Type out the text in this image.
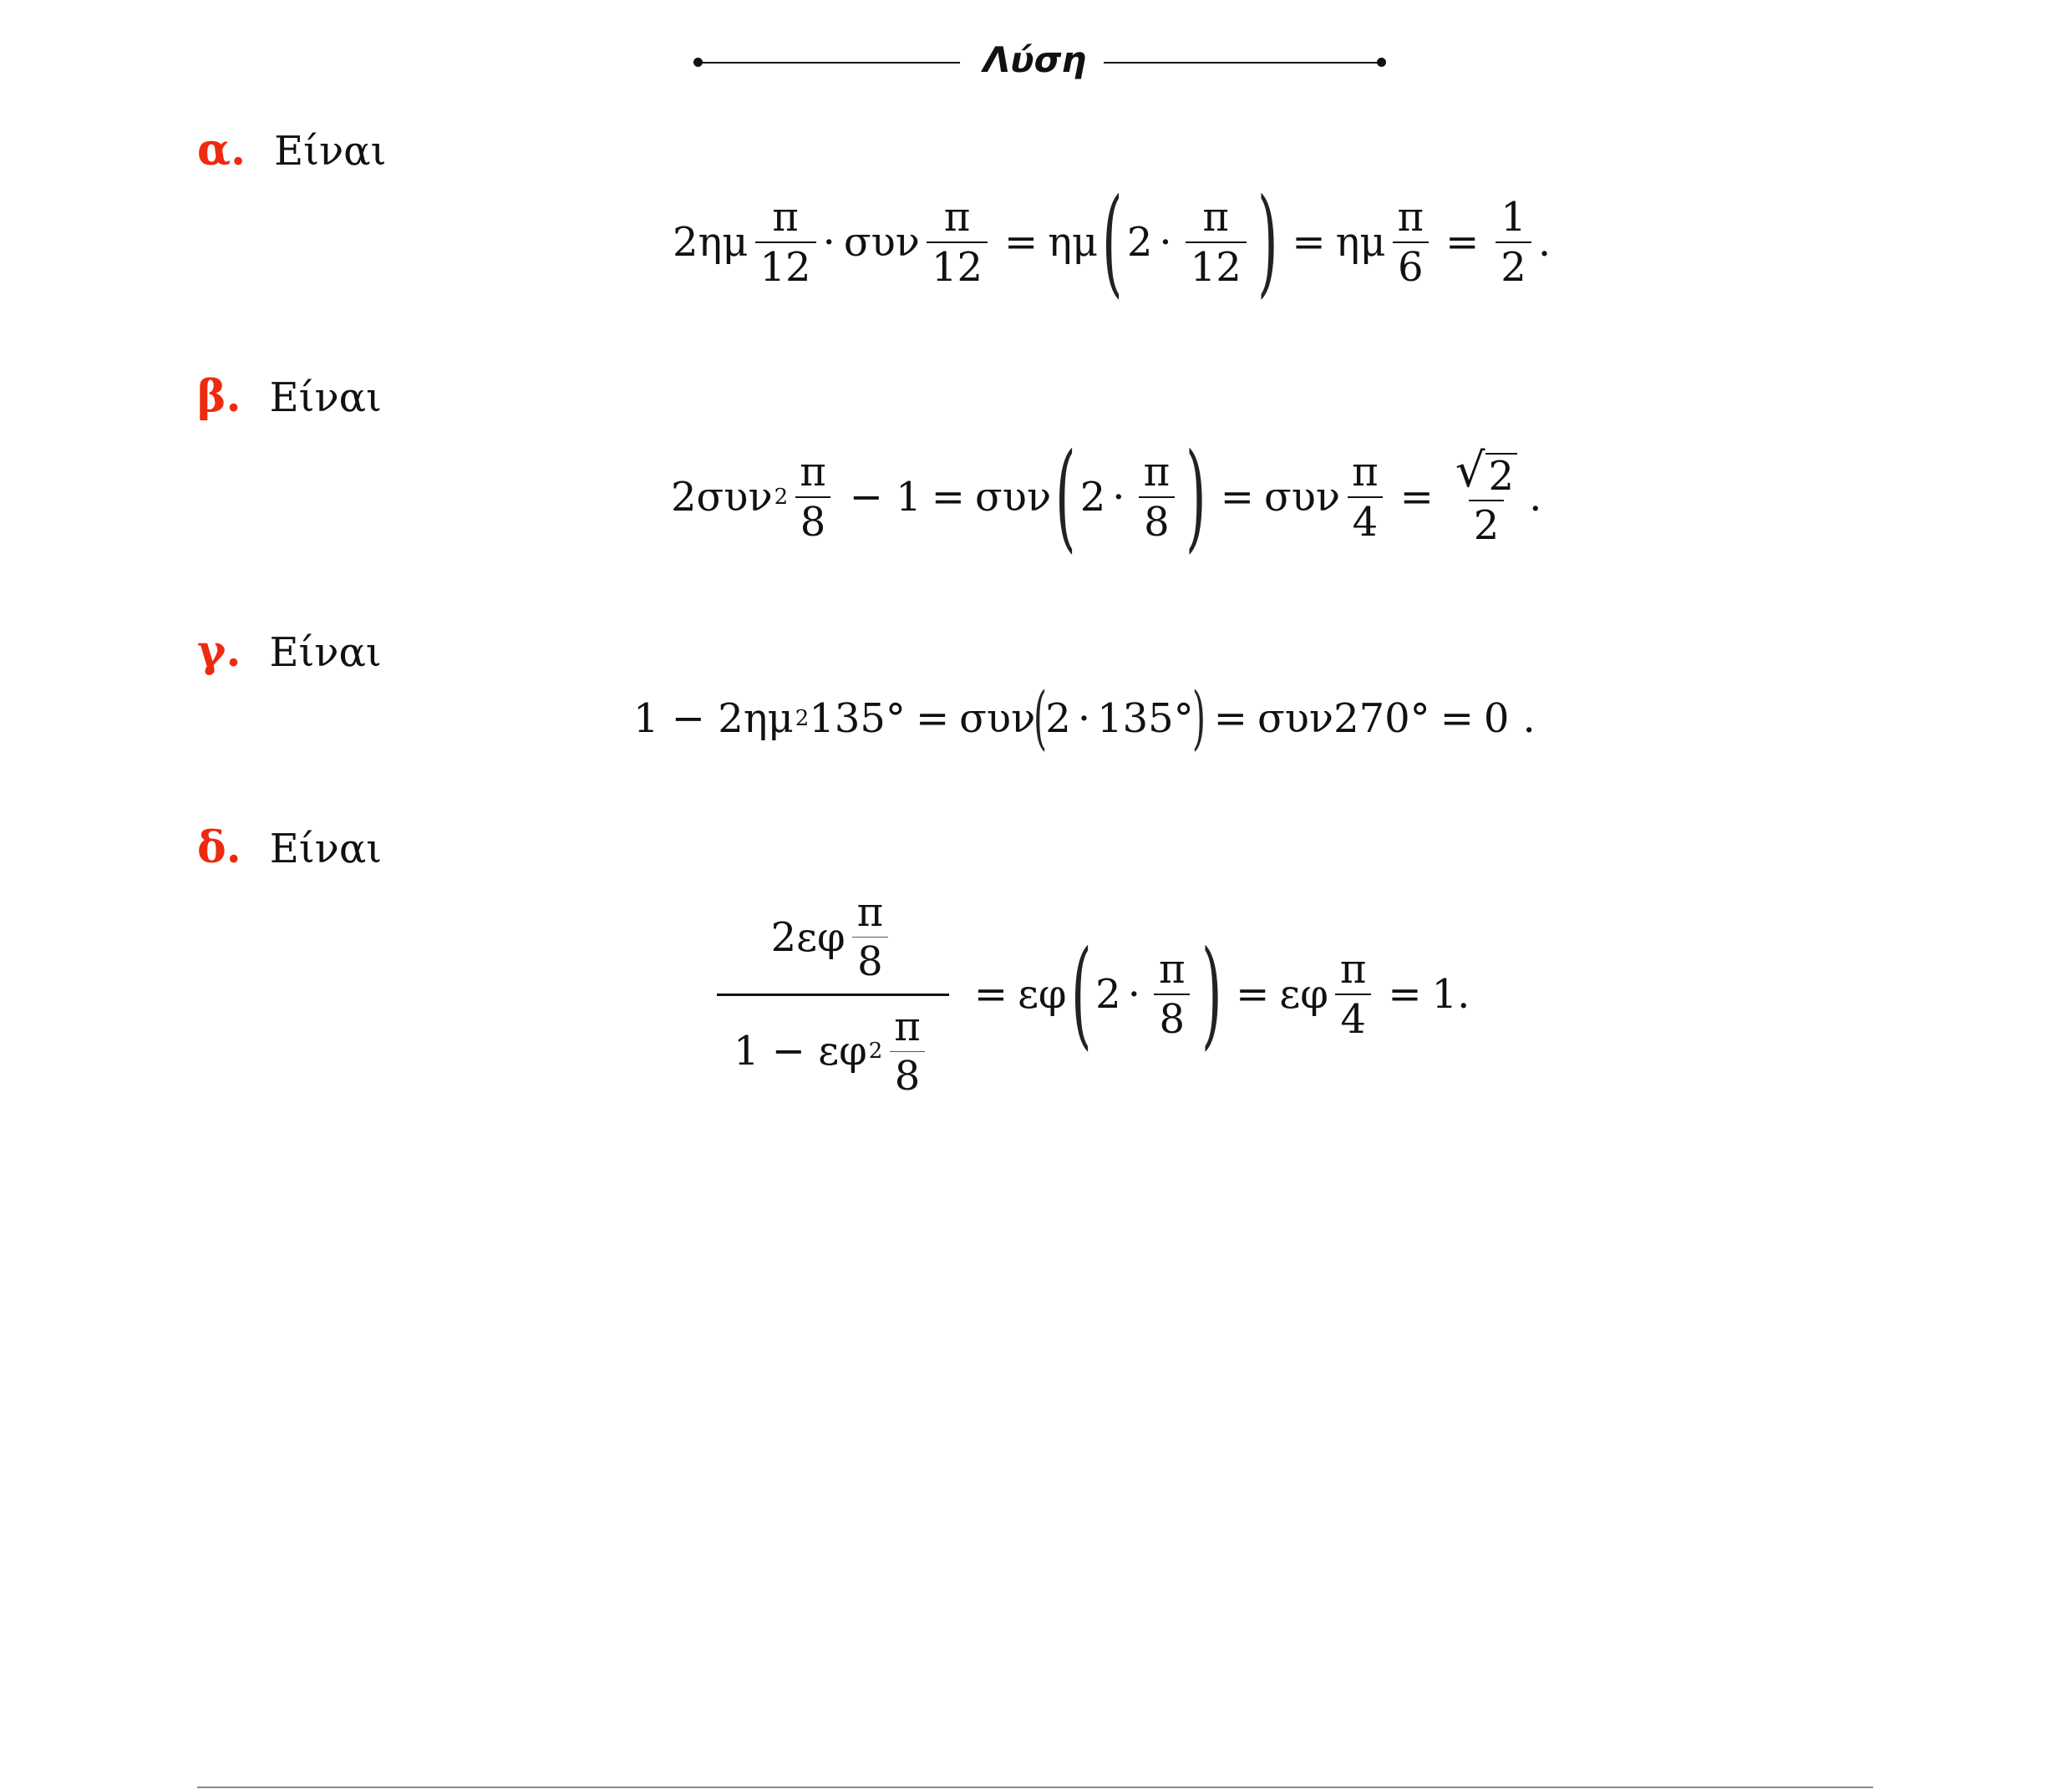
Λύση
α. Είναι
$2\eta\mu \frac{\pi}{12} \cdot \sigma\upsilon\nu \frac{\pi}{12} = \eta\mu$ ( $2 \cdot \frac{\pi}{12}$ ) = ημ $\frac{\pi}{6} = \frac{1}{2}$ .
β. Είναι
2συν $2 \frac{\pi}{8} - 1 = \sigma\upsilon\nu$ ( $2 \cdot \frac{\pi}{8}$ ) = συν $\frac{\pi}{4} = \frac{√ 2}{2}$ .
γ. Είναι
1 − 2ημ 2 135° = συν
(
2 · 135°
) = συν270° = 0 .
δ. Είναι
$\frac{2\varepsilon\varphi \frac{\pi}{8}}{1 - \varepsilon\varphi 2 \frac{\pi}{8}} = \varepsilon\varphi$ ( $2 \cdot \frac{\pi}{8}$ ) = εφ $\frac{\pi}{4} = 1$ .
